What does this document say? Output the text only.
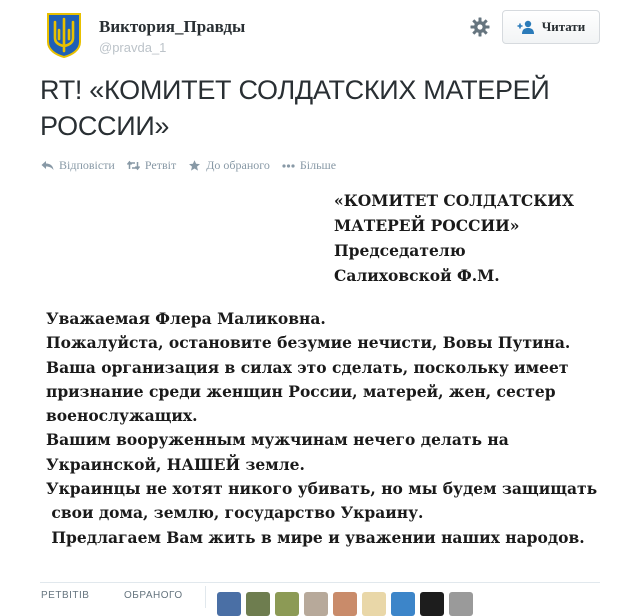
Виктория_Правды
@pravda_1
Читати
RT! «КОМИТЕТ СОЛДАТСКИХ МАТЕРЕЙ РОССИИ»
Відповісти	Ретвіт	До обраного	Більше
«КОМИТЕТ СОЛДАТСКИХ
МАТЕРЕЙ РОССИИ»
Председателю
Салиховской Ф.М.
Уважаемая Флера Маликовна.
Пожалуйста, остановите безумие нечисти, Вовы Путина.
Ваша организация в силах это сделать, поскольку имеет
признание среди женщин России, матерей, жен, сестер
военослужащих.
Вашим вооруженным мужчинам нечего делать на
Украинской, НАШЕЙ земле.
Украинцы не хотят никого убивать, но мы будем защищать
свои дома, землю, государство Украину.
Предлагаем Вам жить в мире и уважении наших народов.
РЕТВІТІВ	ОБРАНОГО
